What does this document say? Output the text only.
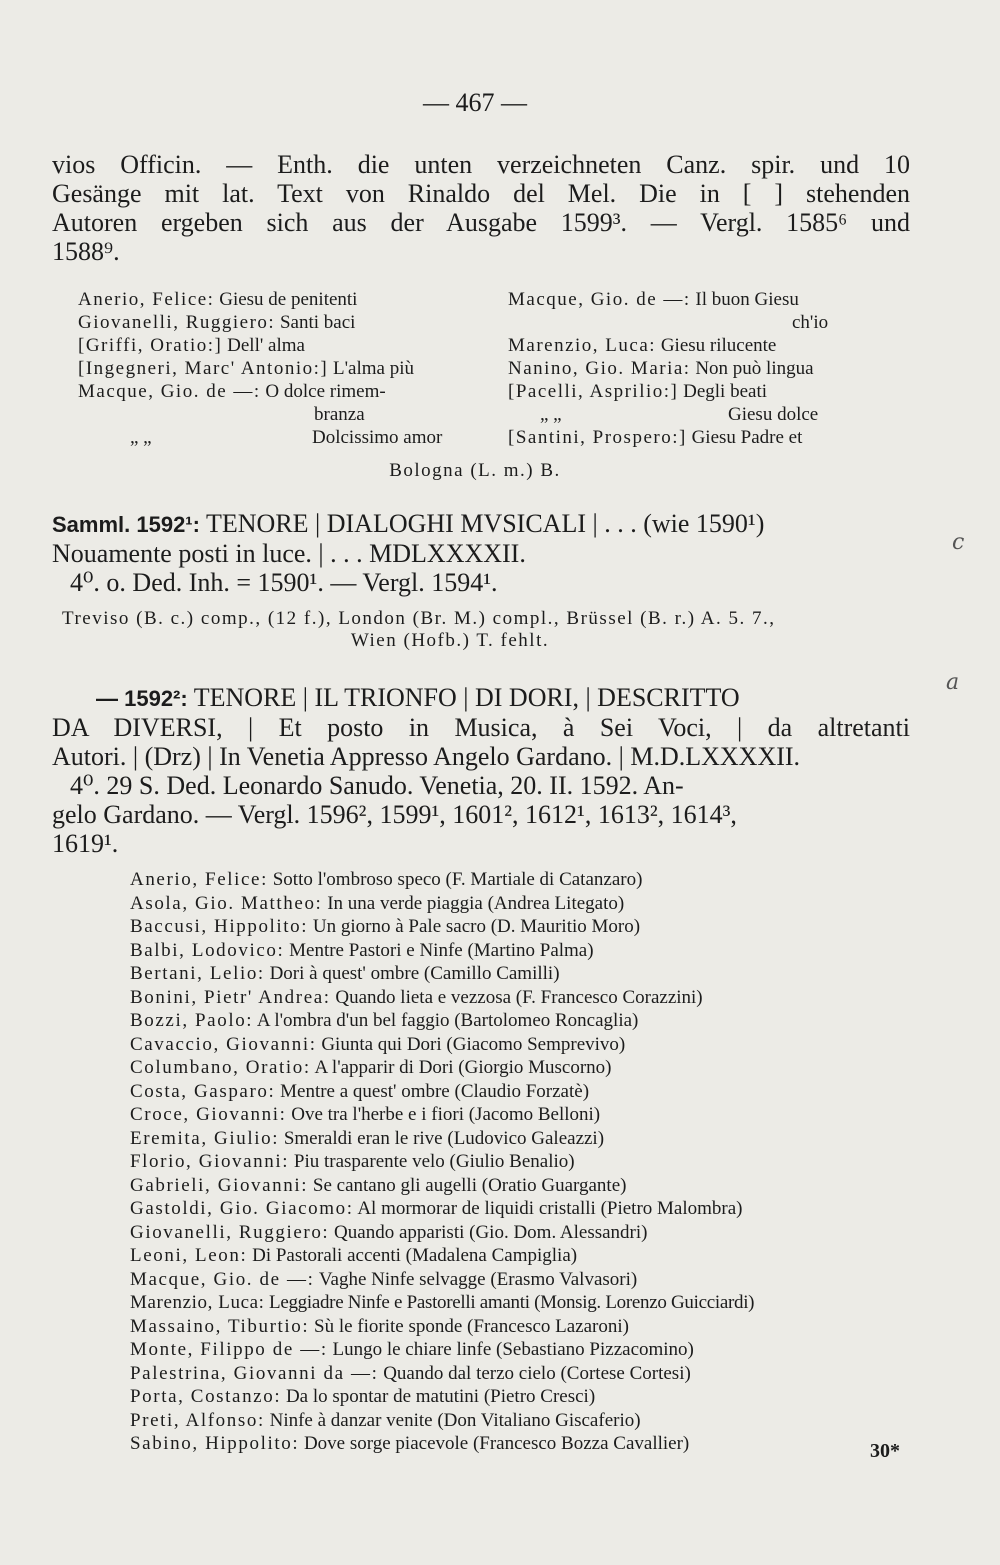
— 467 —
vios Officin. — Enth. die unten verzeichneten Canz. spir. und 10
Gesänge mit lat. Text von Rinaldo del Mel. Die in [ ] stehenden
Autoren ergeben sich aus der Ausgabe 1599³. — Vergl. 1585⁶ und
1588⁹.
Anerio, Felice: Giesu de penitenti
Giovanelli, Ruggiero: Santi baci
[Griffi, Oratio:] Dell' alma
[Ingegneri, Marc' Antonio:] L'alma più
Macque, Gio. de —: O dolce rimem-
branza
„ „	Dolcissimo amor
Macque, Gio. de —: Il buon Giesu
ch'io
Marenzio, Luca: Giesu rilucente
Nanino, Gio. Maria: Non può lingua
[Pacelli, Asprilio:] Degli beati
„ „	Giesu dolce
[Santini, Prospero:] Giesu Padre et
Bologna (L. m.) B.
Samml. 1592¹: TENORE | DIALOGHI MVSICALI | . . . (wie 1590¹)
Nouamente posti in luce. | . . . MDLXXXXII.
4⁰. o. Ded. Inh. = 1590¹. — Vergl. 1594¹.
Treviso (B. c.) comp., (12 f.), London (Br. M.) compl., Brüssel (B. r.) A. 5. 7.,
Wien (Hofb.) T. fehlt.
— 1592²: TENORE | IL TRIONFO | DI DORI, | DESCRITTO
DA DIVERSI, | Et posto in Musica, à Sei Voci, | da altretanti
Autori. | (Drz) | In Venetia Appresso Angelo Gardano. | M.D.LXXXXII.
4⁰. 29 S. Ded. Leonardo Sanudo. Venetia, 20. II. 1592. An-
gelo Gardano. — Vergl. 1596², 1599¹, 1601², 1612¹, 1613², 1614³,
1619¹.
Anerio, Felice: Sotto l'ombroso speco (F. Martiale di Catanzaro)
Asola, Gio. Mattheo: In una verde piaggia (Andrea Litegato)
Baccusi, Hippolito: Un giorno à Pale sacro (D. Mauritio Moro)
Balbi, Lodovico: Mentre Pastori e Ninfe (Martino Palma)
Bertani, Lelio: Dori à quest' ombre (Camillo Camilli)
Bonini, Pietr' Andrea: Quando lieta e vezzosa (F. Francesco Corazzini)
Bozzi, Paolo: A l'ombra d'un bel faggio (Bartolomeo Roncaglia)
Cavaccio, Giovanni: Giunta qui Dori (Giacomo Semprevivo)
Columbano, Oratio: A l'apparir di Dori (Giorgio Muscorno)
Costa, Gasparo: Mentre a quest' ombre (Claudio Forzatè)
Croce, Giovanni: Ove tra l'herbe e i fiori (Jacomo Belloni)
Eremita, Giulio: Smeraldi eran le rive (Ludovico Galeazzi)
Florio, Giovanni: Piu trasparente velo (Giulio Benalio)
Gabrieli, Giovanni: Se cantano gli augelli (Oratio Guargante)
Gastoldi, Gio. Giacomo: Al mormorar de liquidi cristalli (Pietro Malombra)
Giovanelli, Ruggiero: Quando apparisti (Gio. Dom. Alessandri)
Leoni, Leon: Di Pastorali accenti (Madalena Campiglia)
Macque, Gio. de —: Vaghe Ninfe selvagge (Erasmo Valvasori)
Marenzio, Luca: Leggiadre Ninfe e Pastorelli amanti (Monsig. Lorenzo Guicciardi)
Massaino, Tiburtio: Sù le fiorite sponde (Francesco Lazaroni)
Monte, Filippo de —: Lungo le chiare linfe (Sebastiano Pizzacomino)
Palestrina, Giovanni da —: Quando dal terzo cielo (Cortese Cortesi)
Porta, Costanzo: Da lo spontar de matutini (Pietro Cresci)
Preti, Alfonso: Ninfe à danzar venite (Don Vitaliano Giscaferio)
Sabino, Hippolito: Dove sorge piacevole (Francesco Bozza Cavallier)
c
a
30*
